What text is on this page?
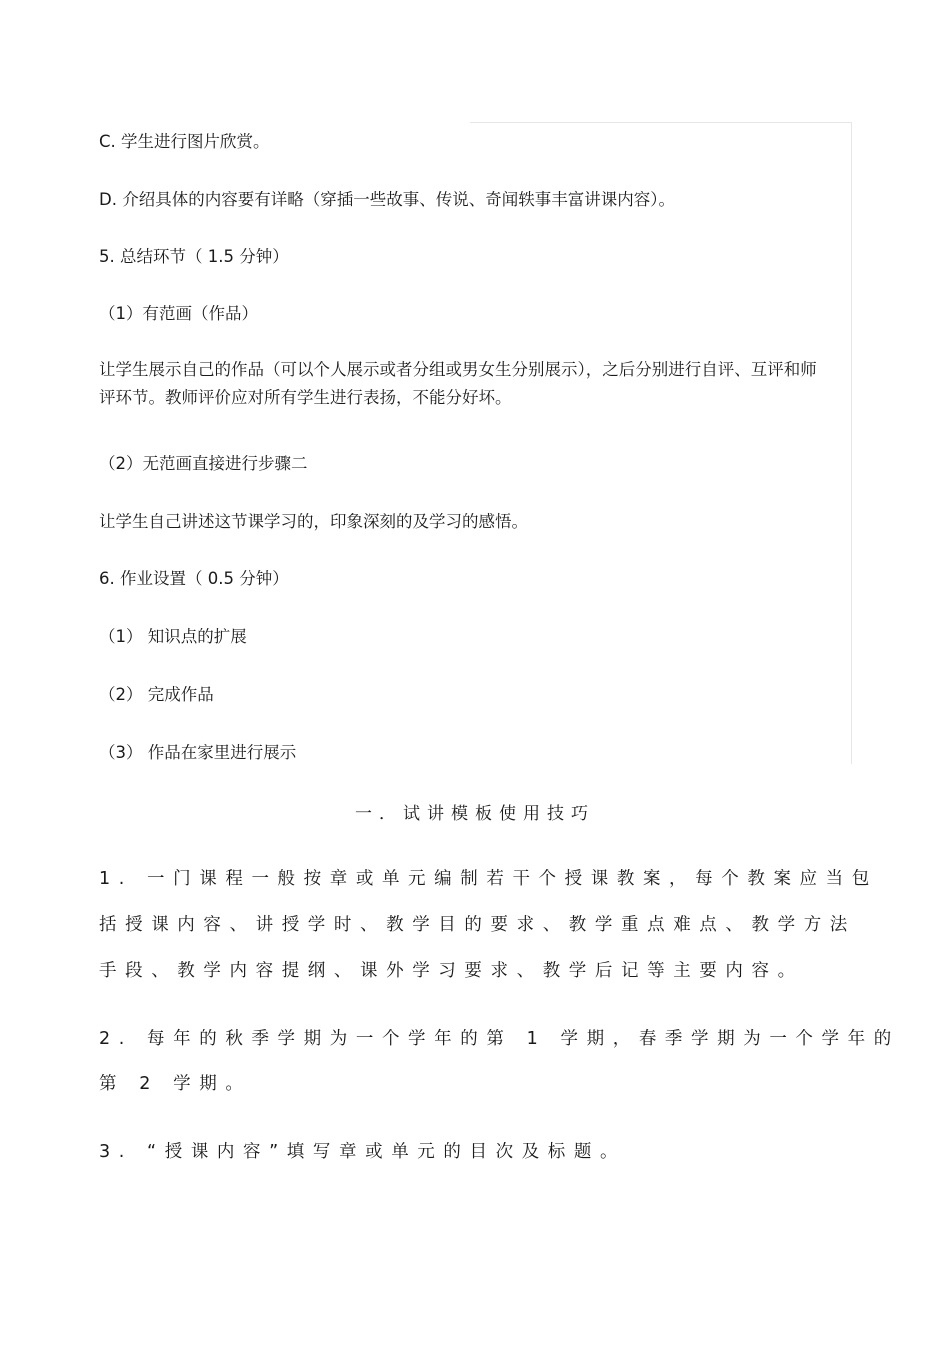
C. 学生进行图片欣赏。
D. 介绍具体的内容要有详略（穿插一些故事、传说、奇闻轶事丰富讲课内容）。
5. 总结环节（ 1.5 分钟）
（1）有范画（作品）
让学生展示自己的作品（可以个人展示或者分组或男女生分别展示），之后分别进行自评、互评和师评环节。教师评价应对所有学生进行表扬，不能分好坏。
（2）无范画直接进行步骤二
让学生自己讲述这节课学习的，印象深刻的及学习的感悟。
6. 作业设置（ 0.5 分钟）
（1） 知识点的扩展
（2） 完成作品
（3） 作品在家里进行展示
一．试讲模板使用技巧
1. 一门课程一般按章或单元编制若干个授课教案，每个教案应当包
括授课内容、讲授学时、教学目的要求、教学重点难点、教学方法
手段、教学内容提纲、课外学习要求、教学后记等主要内容。
2. 每年的秋季学期为一个学年的第 1 学期，春季学期为一个学年的
第 2 学期。
3. “授课内容”填写章或单元的目次及标题。
